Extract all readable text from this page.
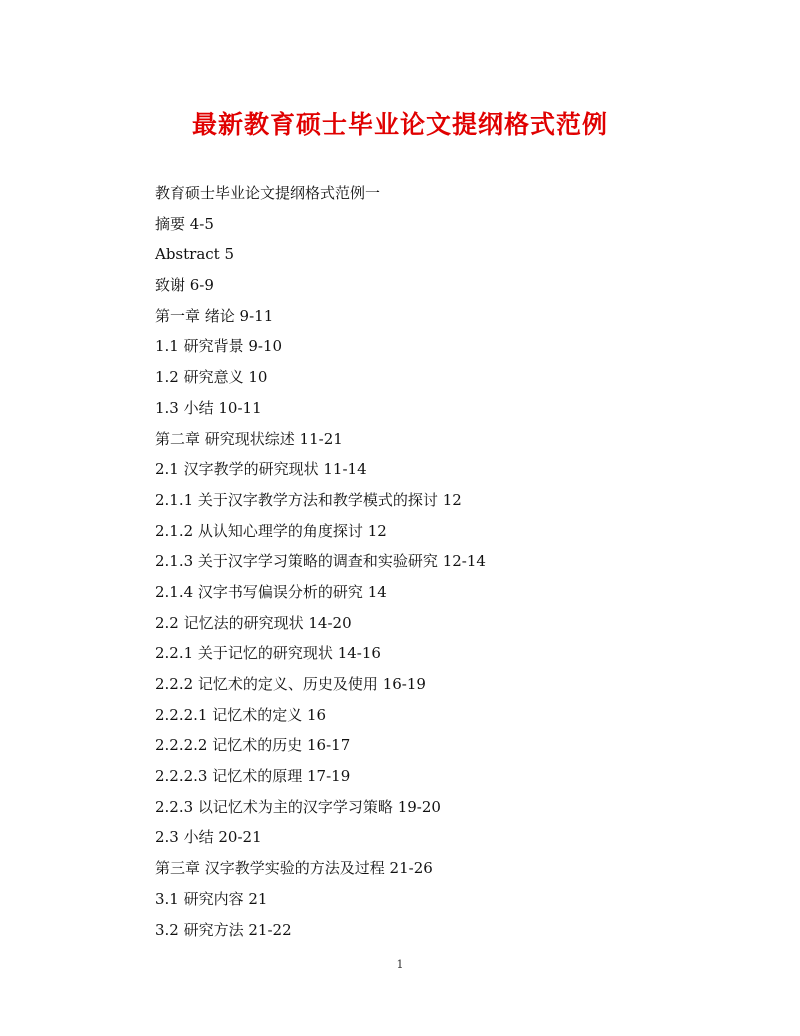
最新教育硕士毕业论文提纲格式范例
教育硕士毕业论文提纲格式范例一
摘要 4-5
Abstract 5
致谢 6-9
第一章 绪论 9-11
1.1 研究背景 9-10
1.2 研究意义 10
1.3 小结 10-11
第二章 研究现状综述 11-21
2.1 汉字教学的研究现状 11-14
2.1.1 关于汉字教学方法和教学模式的探讨 12
2.1.2 从认知心理学的角度探讨 12
2.1.3 关于汉字学习策略的调查和实验研究 12-14
2.1.4 汉字书写偏误分析的研究 14
2.2 记忆法的研究现状 14-20
2.2.1 关于记忆的研究现状 14-16
2.2.2 记忆术的定义、历史及使用 16-19
2.2.2.1 记忆术的定义 16
2.2.2.2 记忆术的历史 16-17
2.2.2.3 记忆术的原理 17-19
2.2.3 以记忆术为主的汉字学习策略 19-20
2.3 小结 20-21
第三章 汉字教学实验的方法及过程 21-26
3.1 研究内容 21
3.2 研究方法 21-22
1
